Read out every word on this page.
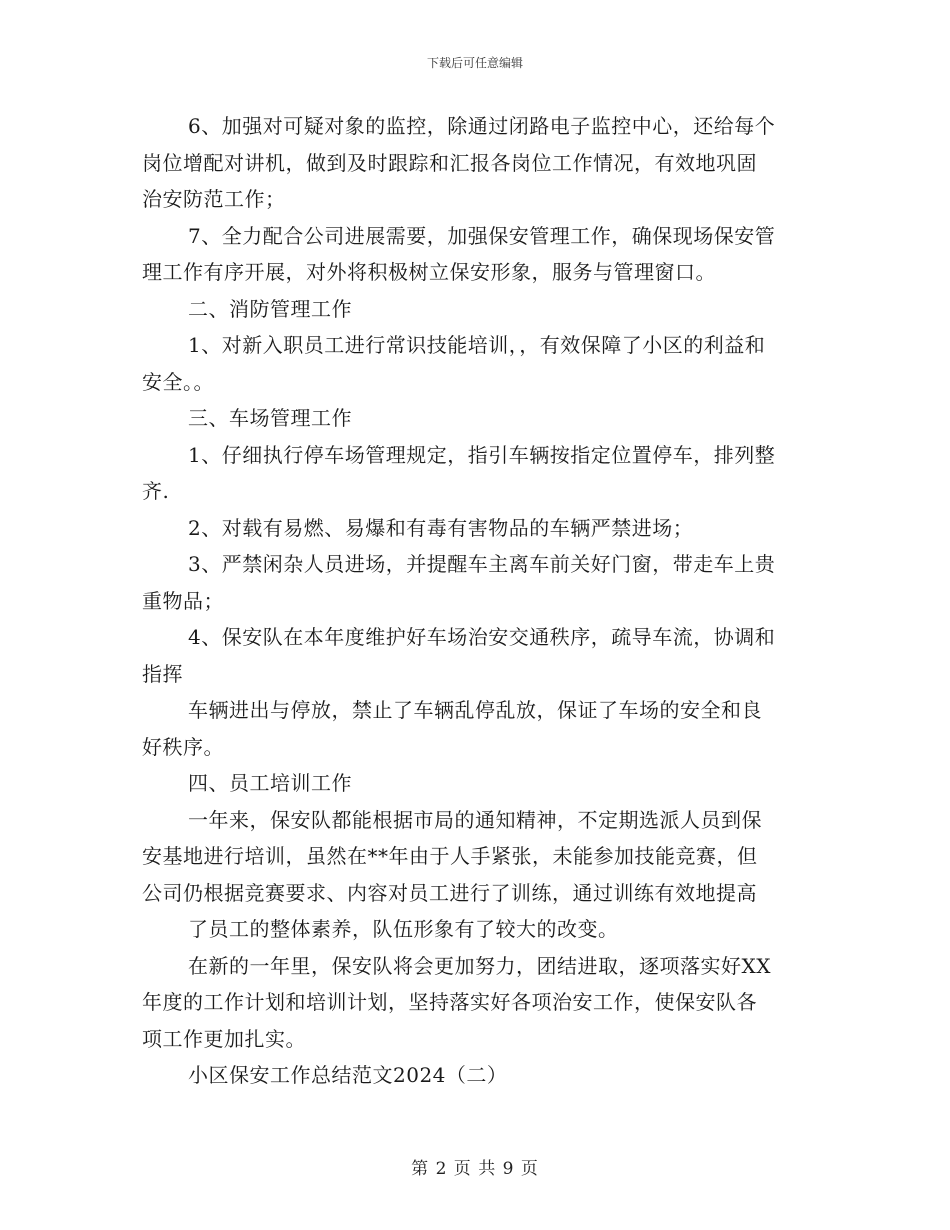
下载后可任意编辑
6、加强对可疑对象的监控，除通过闭路电子监控中心，还给每个
岗位增配对讲机，做到及时跟踪和汇报各岗位工作情况，有效地巩固
治安防范工作；
7、全力配合公司进展需要，加强保安管理工作，确保现场保安管
理工作有序开展，对外将积极树立保安形象，服务与管理窗口。
二、消防管理工作
1、对新入职员工进行常识技能培训，，有效保障了小区的利益和
安全。。
三、车场管理工作
1、仔细执行停车场管理规定，指引车辆按指定位置停车，排列整
齐.
2、对载有易燃、易爆和有毒有害物品的车辆严禁进场；
3、严禁闲杂人员进场，并提醒车主离车前关好门窗，带走车上贵
重物品；
4、保安队在本年度维护好车场治安交通秩序，疏导车流，协调和
指挥
车辆进出与停放，禁止了车辆乱停乱放，保证了车场的安全和良
好秩序。
四、员工培训工作
一年来，保安队都能根据市局的通知精神，不定期选派人员到保
安基地进行培训，虽然在**年由于人手紧张，未能参加技能竞赛，但
公司仍根据竞赛要求、内容对员工进行了训练，通过训练有效地提高
了员工的整体素养，队伍形象有了较大的改变。
在新的一年里，保安队将会更加努力，团结进取，逐项落实好XX
年度的工作计划和培训计划，坚持落实好各项治安工作，使保安队各
项工作更加扎实。
小区保安工作总结范文2024（二）
第 2 页 共 9 页
